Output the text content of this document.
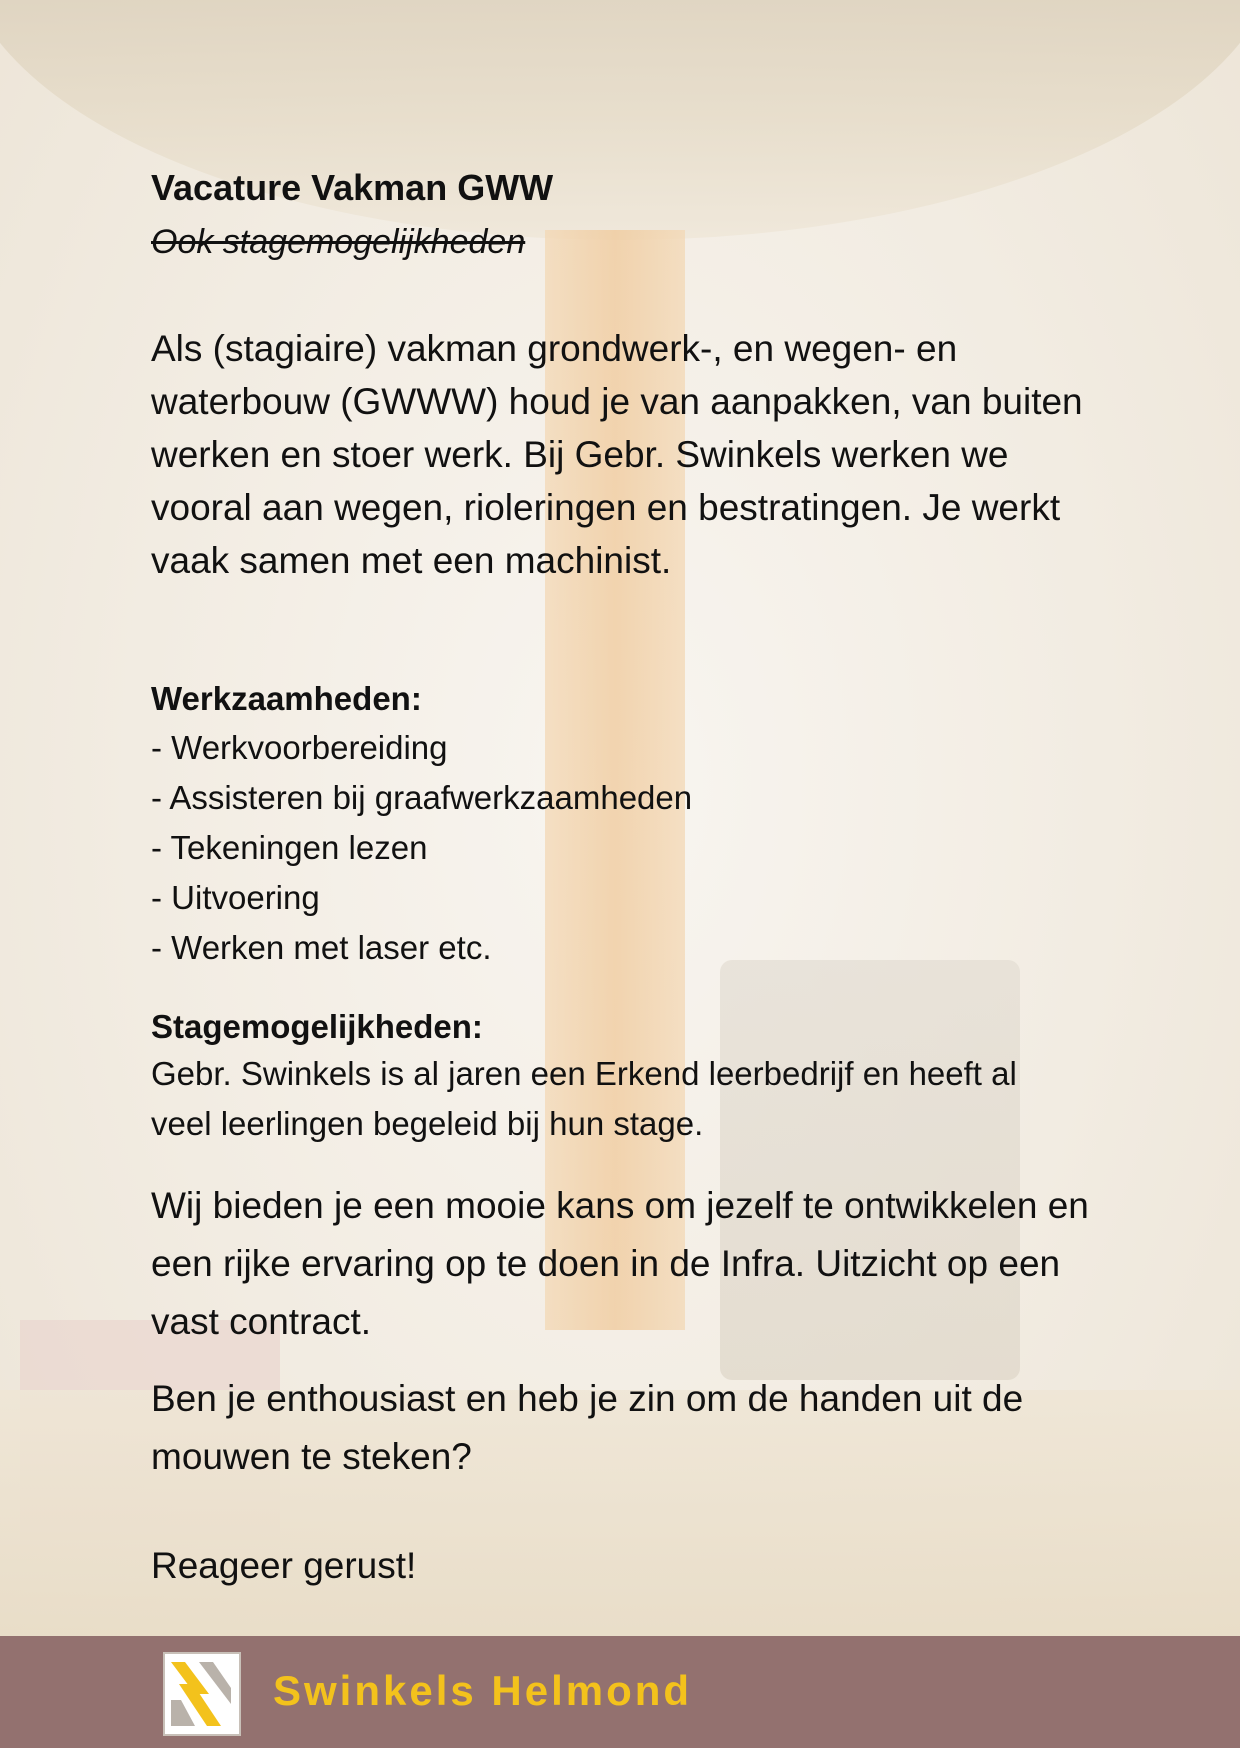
Vacature Vakman GWW
Ook stagemogelijkheden

Als (stagiaire) vakman grondwerk-, en wegen- en waterbouw (GWWW) houd je van aanpakken, van buiten werken en stoer werk. Bij Gebr. Swinkels werken we vooral aan wegen, rioleringen en bestratingen. Je werkt vaak samen met een machinist.

Werkzaamheden:
- Werkvoorbereiding
- Assisteren bij graafwerkzaamheden
- Tekeningen lezen
- Uitvoering
- Werken met laser etc.
Stagemogelijkheden:

Gebr. Swinkels is al jaren een Erkend leerbedrijf en heeft al veel leerlingen begeleid bij hun stage.

Wij bieden je een mooie kans om jezelf te ontwikkelen en een rijke ervaring op te doen in de Infra. Uitzicht op een vast contract.

Ben je enthousiast en heb je zin om de handen uit de mouwen te steken?

Reageer gerust!

Swinkels Helmond
